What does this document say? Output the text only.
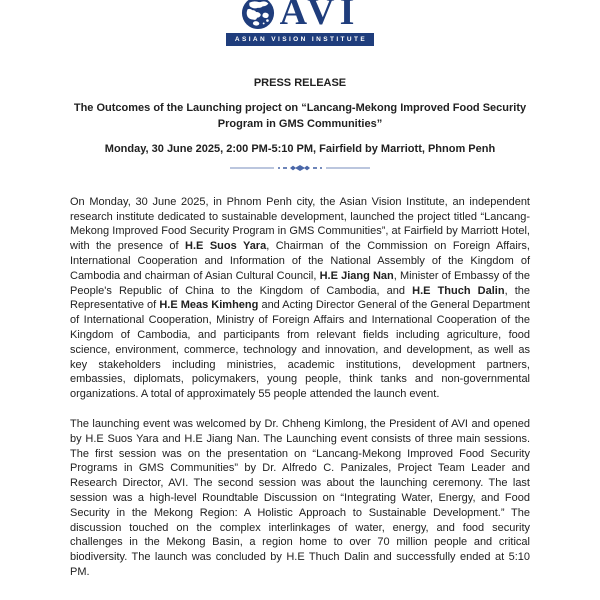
AVI
ASIAN VISION INSTITUTE
PRESS RELEASE
The Outcomes of the Launching project on “Lancang-Mekong Improved Food Security Program in GMS Communities”
Monday, 30 June 2025, 2:00 PM-5:10 PM, Fairfield by Marriott, Phnom Penh

On Monday, 30 June 2025, in Phnom Penh city, the Asian Vision Institute, an independent research institute dedicated to sustainable development, launched the project titled “Lancang-Mekong Improved Food Security Program in GMS Communities”, at Fairfield by Marriott Hotel, with the presence of H.E Suos Yara, Chairman of the Commission on Foreign Affairs, International Cooperation and Information of the National Assembly of the Kingdom of Cambodia and chairman of Asian Cultural Council, H.E Jiang Nan, Minister of Embassy of the People's Republic of China to the Kingdom of Cambodia, and H.E Thuch Dalin, the Representative of H.E Meas Kimheng and Acting Director General of the General Department of International Cooperation, Ministry of Foreign Affairs and International Cooperation of the Kingdom of Cambodia, and participants from relevant fields including agriculture, food science, environment, commerce, technology and innovation, and development, as well as key stakeholders including ministries, academic institutions, development partners, embassies, diplomats, policymakers, young people, think tanks and non-governmental organizations. A total of approximately 55 people attended the launch event.

The launching event was welcomed by Dr. Chheng Kimlong, the President of AVI and opened by H.E Suos Yara and H.E Jiang Nan. The Launching event consists of three main sessions. The first session was on the presentation on “Lancang-Mekong Improved Food Security Programs in GMS Communities” by Dr. Alfredo C. Panizales, Project Team Leader and Research Director, AVI. The second session was about the launching ceremony. The last session was a high-level Roundtable Discussion on “Integrating Water, Energy, and Food Security in the Mekong Region: A Holistic Approach to Sustainable Development.” The discussion touched on the complex interlinkages of water, energy, and food security challenges in the Mekong Basin, a region home to over 70 million people and critical biodiversity. The launch was concluded by H.E Thuch Dalin and successfully ended at 5:10 PM.
